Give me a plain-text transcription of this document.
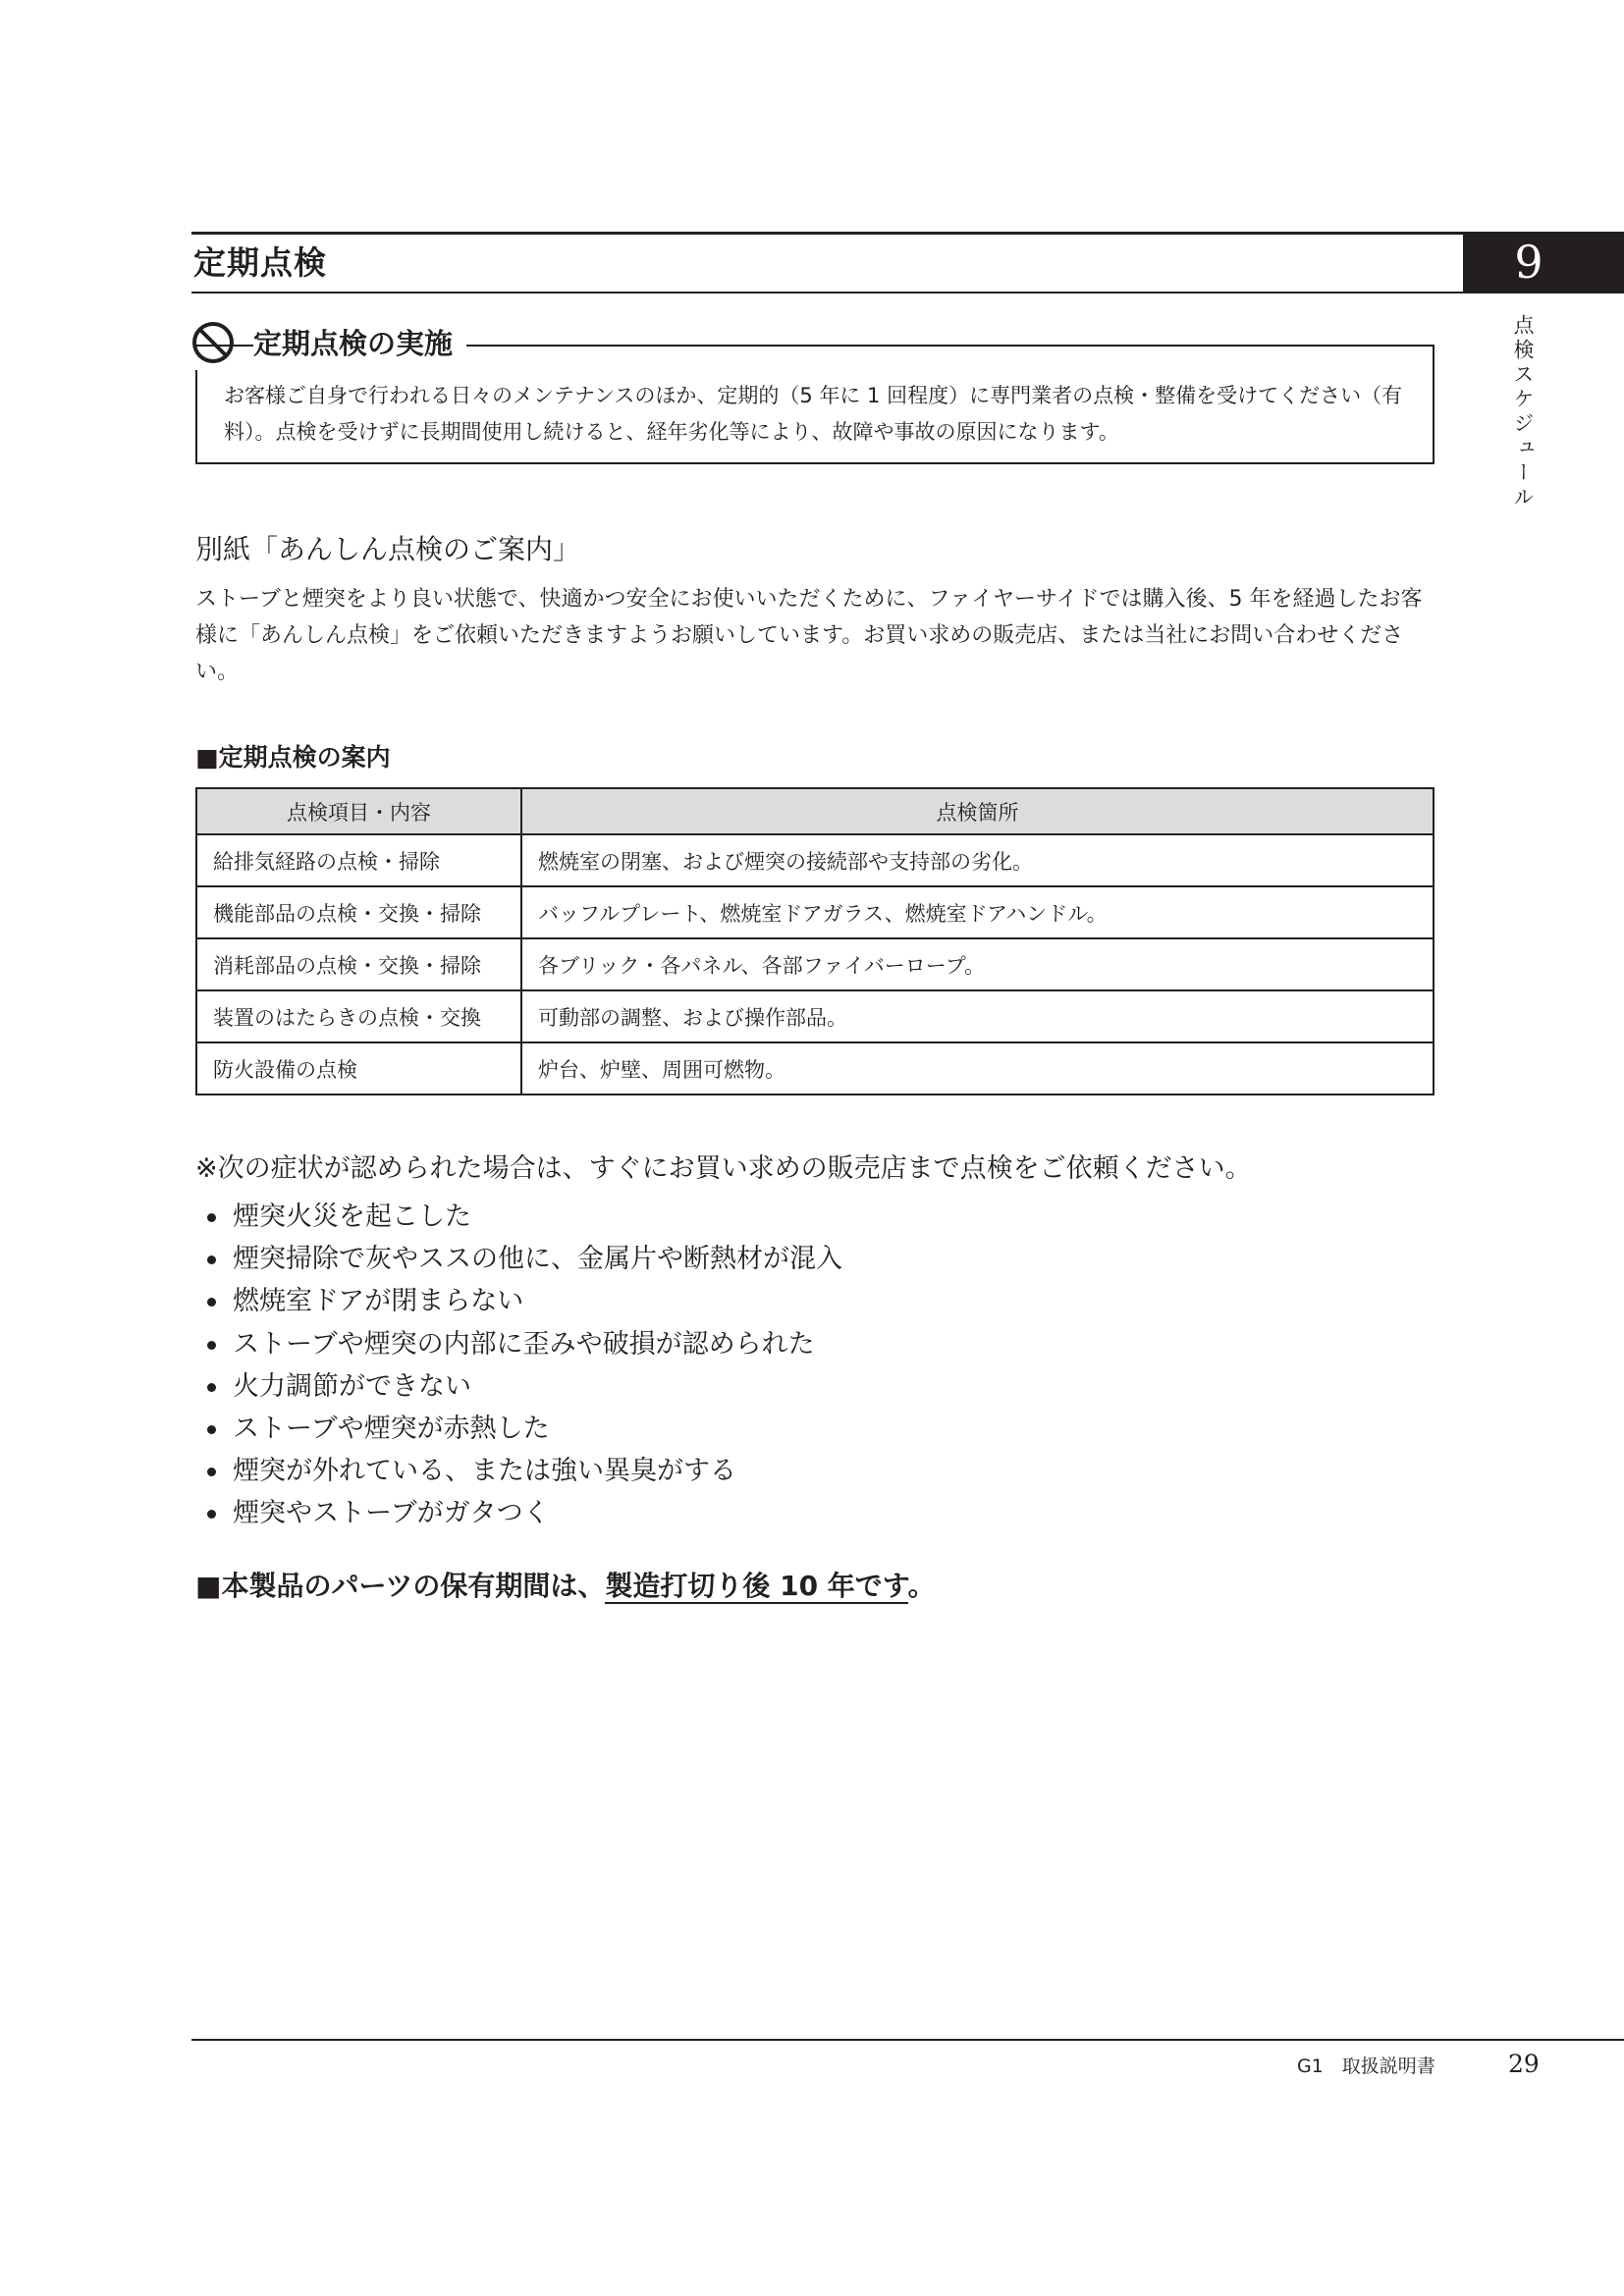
定期点検	9
点検スケジュール
定期点検の実施
お客様ご自身で行われる日々のメンテナンスのほか、定期的（5 年に 1 回程度）に専門業者の点検・整備を受けてください（有料）。点検を受けずに長期間使用し続けると、経年劣化等により、故障や事故の原因になります。
別紙「あんしん点検のご案内」
ストーブと煙突をより良い状態で、快適かつ安全にお使いいただくために、ファイヤーサイドでは購入後、5 年を経過したお客様に「あんしん点検」をご依頼いただきますようお願いしています。お買い求めの販売店、または当社にお問い合わせください。
■定期点検の案内
点検項目・内容	点検箇所
給排気経路の点検・掃除	燃焼室の閉塞、および煙突の接続部や支持部の劣化。
機能部品の点検・交換・掃除	バッフルプレート、燃焼室ドアガラス、燃焼室ドアハンドル。
消耗部品の点検・交換・掃除	各ブリック・各パネル、各部ファイバーロープ。
装置のはたらきの点検・交換	可動部の調整、および操作部品。
防火設備の点検	炉台、炉壁、周囲可燃物。
※次の症状が認められた場合は、すぐにお買い求めの販売店まで点検をご依頼ください。
煙突火災を起こした
煙突掃除で灰やススの他に、金属片や断熱材が混入
燃焼室ドアが閉まらない
ストーブや煙突の内部に歪みや破損が認められた
火力調節ができない
ストーブや煙突が赤熱した
煙突が外れている、または強い異臭がする
煙突やストーブがガタつく
■本製品のパーツの保有期間は、製造打切り後 10 年です。
G1　取扱説明書	29
